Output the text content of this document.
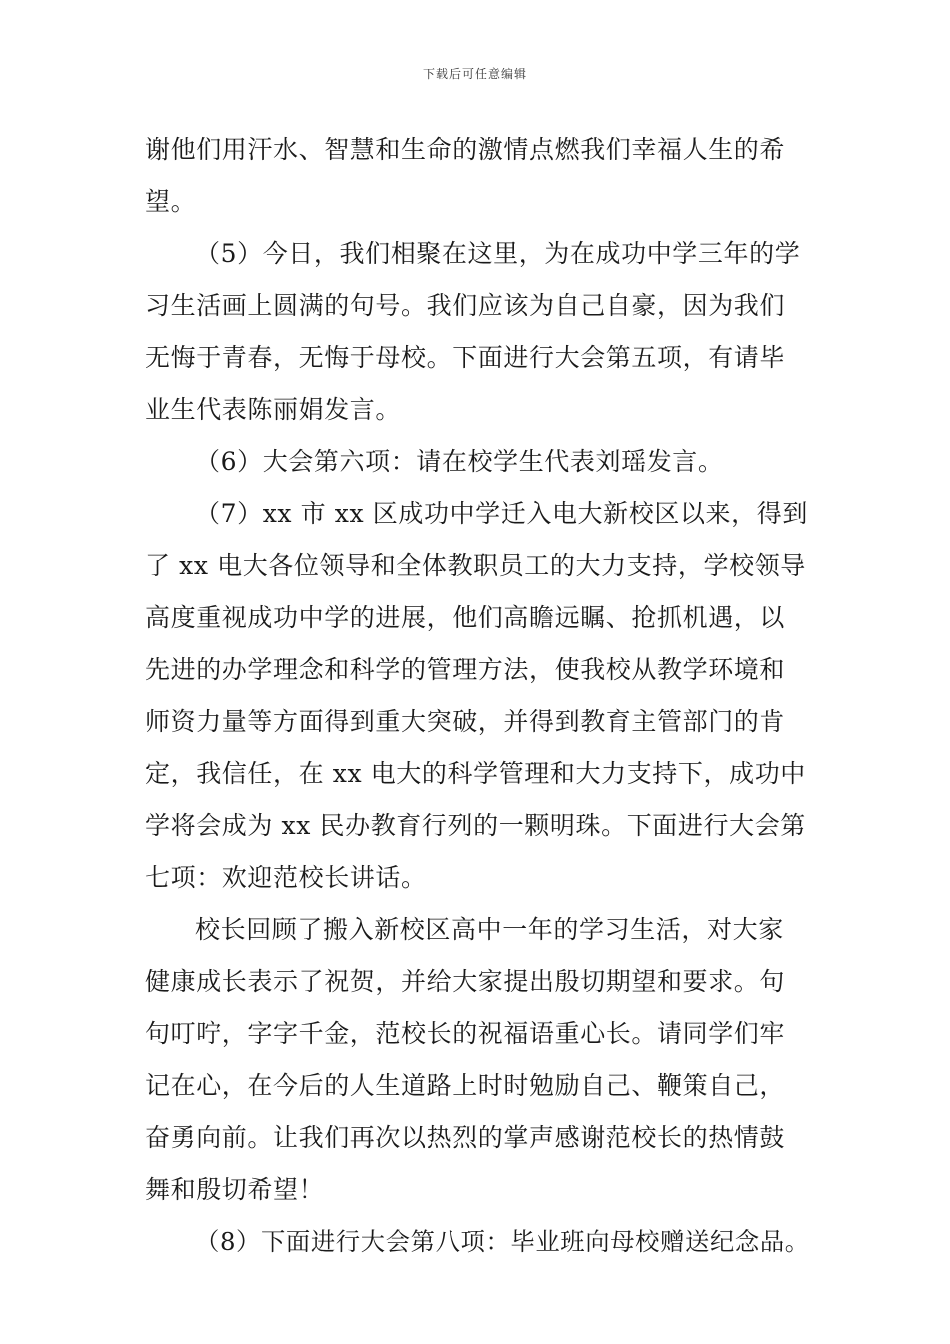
下载后可任意编辑
谢他们用汗水、智慧和生命的激情点燃我们幸福人生的希
望。
（5）今日，我们相聚在这里，为在成功中学三年的学
习生活画上圆满的句号。我们应该为自己自豪，因为我们
无悔于青春，无悔于母校。下面进行大会第五项，有请毕
业生代表陈丽娟发言。
（6）大会第六项：请在校学生代表刘瑶发言。
（7）xx 市 xx 区成功中学迁入电大新校区以来，得到
了 xx 电大各位领导和全体教职员工的大力支持，学校领导
高度重视成功中学的进展，他们高瞻远瞩、抢抓机遇，以
先进的办学理念和科学的管理方法，使我校从教学环境和
师资力量等方面得到重大突破，并得到教育主管部门的肯
定，我信任，在 xx 电大的科学管理和大力支持下，成功中
学将会成为 xx 民办教育行列的一颗明珠。下面进行大会第
七项：欢迎范校长讲话。
校长回顾了搬入新校区高中一年的学习生活，对大家
健康成长表示了祝贺，并给大家提出殷切期望和要求。句
句叮咛，字字千金，范校长的祝福语重心长。请同学们牢
记在心，在今后的人生道路上时时勉励自己、鞭策自己，
奋勇向前。让我们再次以热烈的掌声感谢范校长的热情鼓
舞和殷切希望！
（8）下面进行大会第八项：毕业班向母校赠送纪念品。
